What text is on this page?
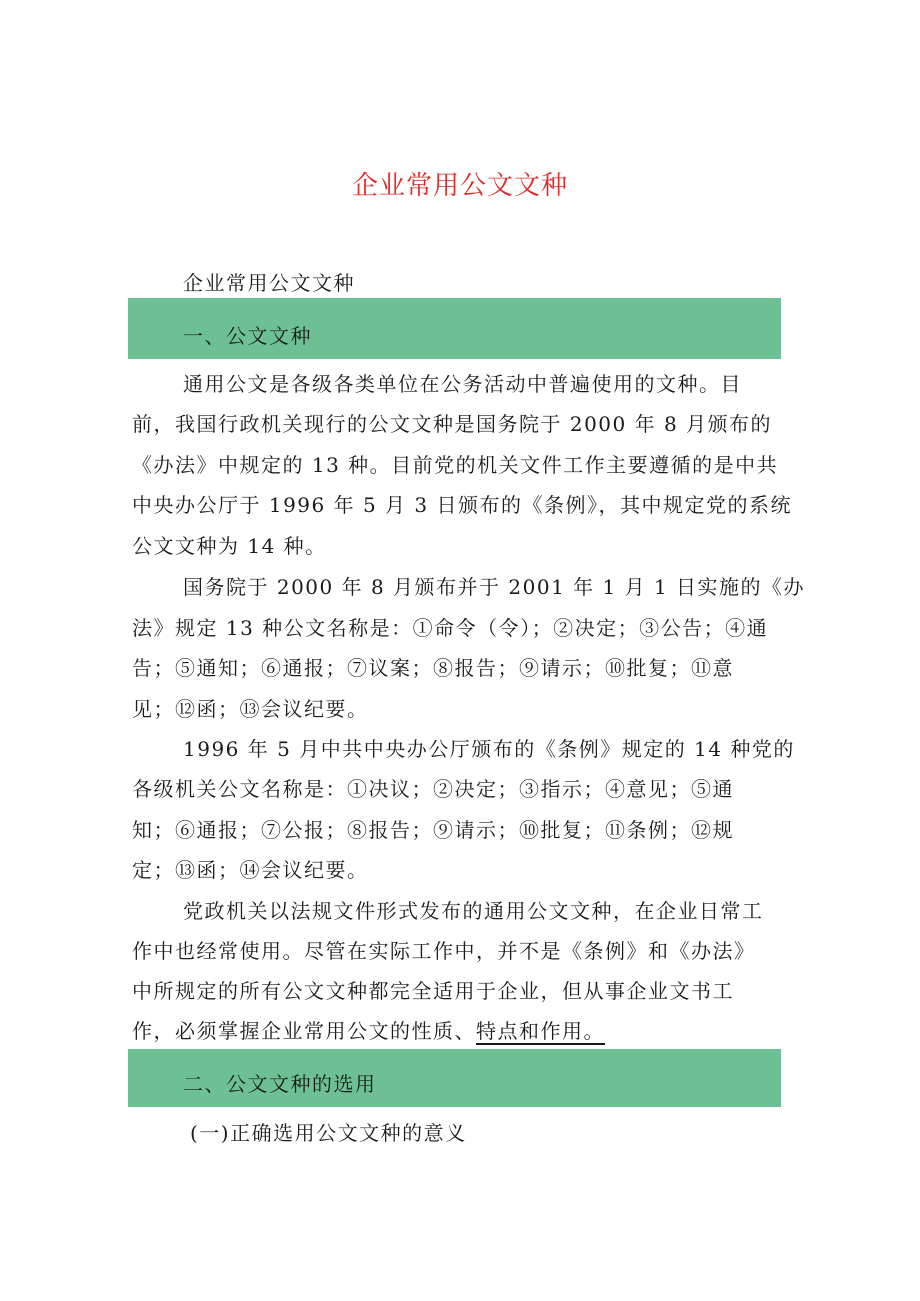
企业常用公文文种
企业常用公文文种
一、公文文种
通用公文是各级各类单位在公务活动中普遍使用的文种。目
前，我国行政机关现行的公文文种是国务院于 2000 年 8 月颁布的
《办法》中规定的 13 种。目前党的机关文件工作主要遵循的是中共
中央办公厅于 1996 年 5 月 3 日颁布的《条例》，其中规定党的系统
公文文种为 14 种。
国务院于 2000 年 8 月颁布并于 2001 年 1 月 1 日实施的《办
法》规定 13 种公文名称是：①命令（令）；②决定；③公告；④通
告；⑤通知；⑥通报；⑦议案；⑧报告；⑨请示；⑩批复；⑪意
见；⑫函；⑬会议纪要。
1996 年 5 月中共中央办公厅颁布的《条例》规定的 14 种党的
各级机关公文名称是：①决议；②决定；③指示；④意见；⑤通
知；⑥通报；⑦公报；⑧报告；⑨请示；⑩批复；⑪条例；⑫规
定；⑬函；⑭会议纪要。
党政机关以法规文件形式发布的通用公文文种，在企业日常工
作中也经常使用。尽管在实际工作中，并不是《条例》和《办法》
中所规定的所有公文文种都完全适用于企业，但从事企业文书工
作，必须掌握企业常用公文的性质、特点和作用。
二、公文文种的选用
(一)正确选用公文文种的意义
